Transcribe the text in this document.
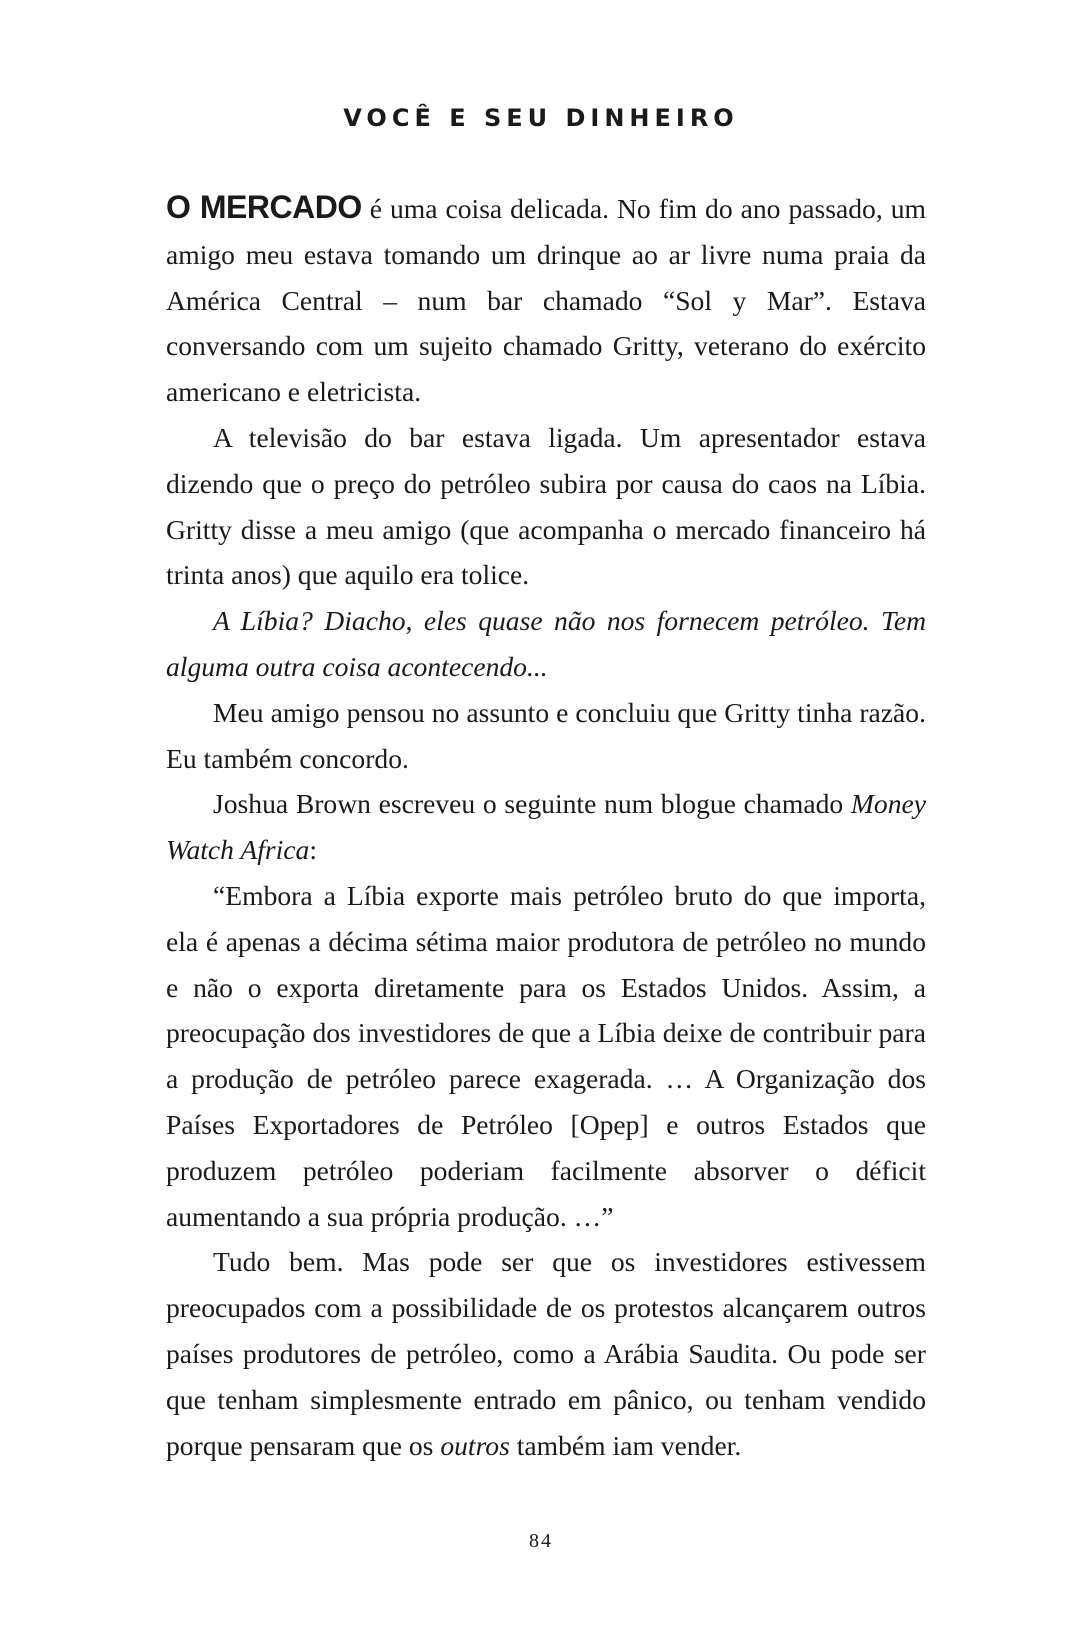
VOCÊ E SEU DINHEIRO

O MERCADO é uma coisa delicada. No fim do ano passado, um amigo meu estava tomando um drinque ao ar livre numa praia da América Central – num bar chamado “Sol y Mar”. Estava conversando com um sujeito chamado Gritty, veterano do exército americano e eletricista.

A televisão do bar estava ligada. Um apresentador estava dizendo que o preço do petróleo subira por causa do caos na Líbia. Gritty disse a meu amigo (que acompanha o mercado financeiro há trinta anos) que aquilo era tolice.

A Líbia? Diacho, eles quase não nos fornecem petróleo. Tem alguma outra coisa acontecendo...

Meu amigo pensou no assunto e concluiu que Gritty tinha razão. Eu também concordo.

Joshua Brown escreveu o seguinte num blogue chamado Money Watch Africa:

“Embora a Líbia exporte mais petróleo bruto do que importa, ela é apenas a décima sétima maior produtora de petróleo no mundo e não o exporta diretamente para os Estados Unidos. Assim, a preocupação dos investidores de que a Líbia deixe de contribuir para a produção de petróleo parece exagerada. … A Organização dos Países Exportadores de Petróleo [Opep] e outros Estados que produzem petróleo poderiam facilmente absorver o déficit aumentando a sua própria produção. …”

Tudo bem. Mas pode ser que os investidores estivessem preocupados com a possibilidade de os protestos alcançarem outros países produtores de petróleo, como a Arábia Saudita. Ou pode ser que tenham simplesmente entrado em pânico, ou tenham vendido porque pensaram que os outros também iam vender.

84
